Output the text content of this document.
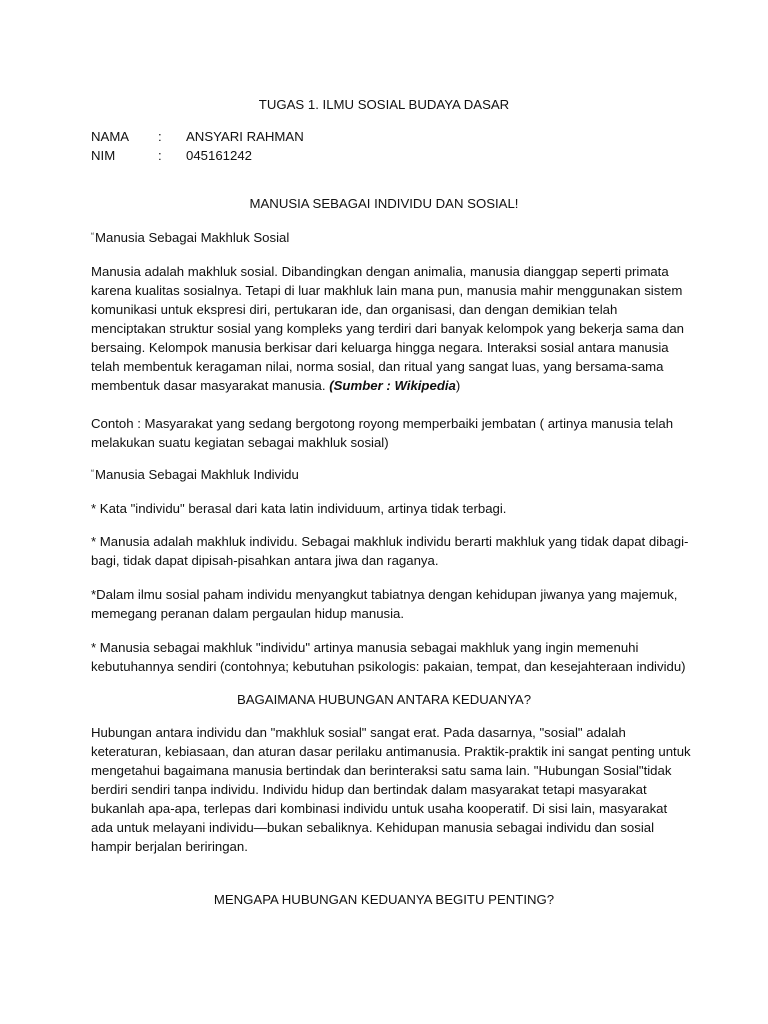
TUGAS 1. ILMU SOSIAL BUDAYA DASAR
NAMA	: ANSYARI RAHMAN
NIM	: 045161242
MANUSIA SEBAGAI INDIVIDU DAN SOSIAL!
“Manusia Sebagai Makhluk Sosial

Manusia adalah makhluk sosial. Dibandingkan dengan animalia, manusia dianggap seperti primata karena kualitas sosialnya. Tetapi di luar makhluk lain mana pun, manusia mahir menggunakan sistem komunikasi untuk ekspresi diri, pertukaran ide, dan organisasi, dan dengan demikian telah menciptakan struktur sosial yang kompleks yang terdiri dari banyak kelompok yang bekerja sama dan bersaing. Kelompok manusia berkisar dari keluarga hingga negara. Interaksi sosial antara manusia telah membentuk keragaman nilai, norma sosial, dan ritual yang sangat luas, yang bersama-sama membentuk dasar masyarakat manusia. (Sumber : Wikipedia)

Contoh : Masyarakat yang sedang bergotong royong memperbaiki jembatan ( artinya manusia telah melakukan suatu kegiatan sebagai makhluk sosial)

“Manusia Sebagai Makhluk Individu

* Kata "individu" berasal dari kata latin individuum, artinya tidak terbagi.

* Manusia adalah makhluk individu. Sebagai makhluk individu berarti makhluk yang tidak dapat dibagi-bagi, tidak dapat dipisah-pisahkan antara jiwa dan raganya.

*Dalam ilmu sosial paham individu menyangkut tabiatnya dengan kehidupan jiwanya yang majemuk, memegang peranan dalam pergaulan hidup manusia.

* Manusia sebagai makhluk "individu" artinya manusia sebagai makhluk yang ingin memenuhi kebutuhannya sendiri (contohnya; kebutuhan psikologis: pakaian, tempat, dan kesejahteraan individu)

BAGAIMANA HUBUNGAN ANTARA KEDUANYA?

Hubungan antara individu dan "makhluk sosial" sangat erat. Pada dasarnya, "sosial" adalah keteraturan, kebiasaan, dan aturan dasar perilaku antimanusia. Praktik-praktik ini sangat penting untuk mengetahui bagaimana manusia bertindak dan berinteraksi satu sama lain. "Hubungan Sosial"tidak berdiri sendiri tanpa individu. Individu hidup dan bertindak dalam masyarakat tetapi masyarakat bukanlah apa-apa, terlepas dari kombinasi individu untuk usaha kooperatif. Di sisi lain, masyarakat ada untuk melayani individu—bukan sebaliknya. Kehidupan manusia sebagai individu dan sosial hampir berjalan beriringan.

MENGAPA HUBUNGAN KEDUANYA BEGITU PENTING?
